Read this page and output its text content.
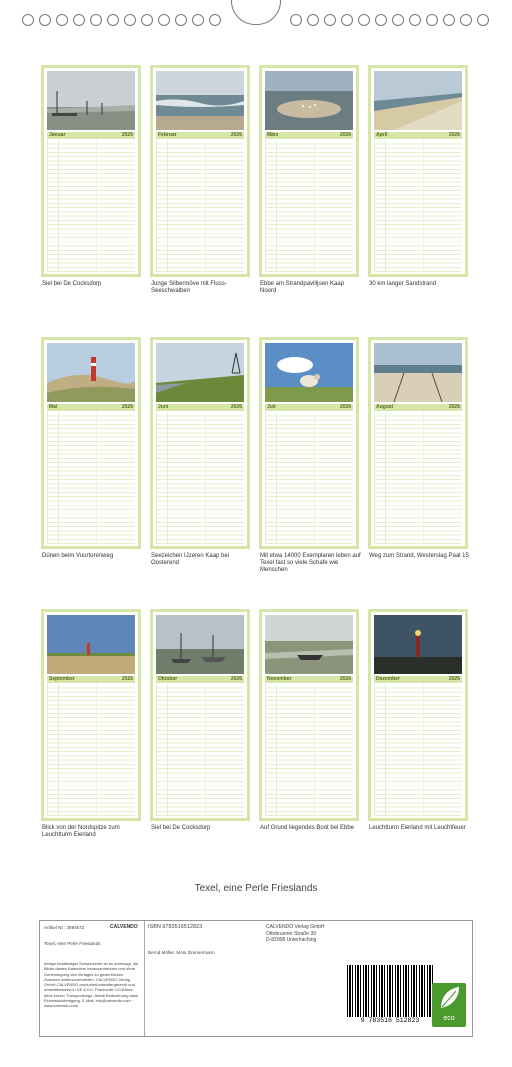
Januar	2026
Siel bei De Cocksdorp
Februar	2026
Junge Silbermöve mit Fluss-Seeschwalben
März	2026
Ebbe am Strandpavilljoen Kaap Noord
April	2026
30 km langer Sandstrand
Mai	2026
Dünen beim Vuurtorenweg
Juni	2026
Seezeichen IJzeren Kaap bei Oosterend
Juli	2026
Mit etwa 14000 Exemplaren leben auf Texel fast so viele Schafe wie Menschen
August	2026
Weg zum Strand, Westerslag Paal 15
September	2026
Blick von der Nordspitze zum Leuchtturm Eierland
Oktober	2026
Siel bei De Cocksdorp
November	2026
Auf Grund liegendes Boot bei Ebbe
Dezember	2026
Leuchtturm Eierland mit Leuchtfeuer
Texel, eine Perle Frieslands
Artikel Nr.: 3694572	CALVENDO
Texel, eine Perle Frieslands
Infolge beständiger Schutzrechte ist es untersagt, die Bilder dieses Kalenders herauszutrennen und ohne Genehmigung des Verlages zu gewerblichen Zwecken weiterzuverwerten. CALVENDO Verlag GmbH CALVENDO produziert kalendergerecht und umweltbewusst in DE & EU. Prachvolle CO-Bilanz dank kurzer Transportwege. Abfall-Reduzierung dank Einzelstückfertigung. E-Mail: info@calvendo.com · www.calvendo.com
ISBN 9783516512823
Bernd Müller, Moni Zimmermann
CALVENDO Verlag GmbH
Ottobrunner Straße 39
D-82008 Unterhaching
9 783516 512823	eco
